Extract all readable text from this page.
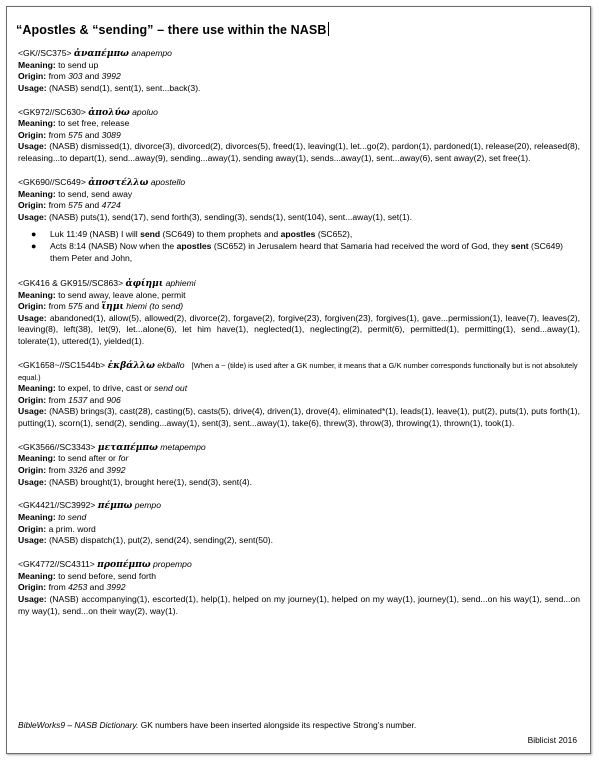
“Apostles & “sending” – there use within the NASB

<GK//SC375> ἀναπέμπω anapempo

Meaning: to send up

Origin: from 303 and 3992

Usage: (NASB) send(1), sent(1), sent...back(3).

<GK972//SC630> ἀπολύω apoluo

Meaning: to set free, release

Origin: from 575 and 3089

Usage: (NASB) dismissed(1), divorce(3), divorced(2), divorces(5), freed(1), leaving(1), let...go(2), pardon(1), pardoned(1), release(20), released(8), releasing...to depart(1), send...away(9), sending...away(1), sending away(1), sends...away(1), sent...away(6), sent away(2), set free(1).

<GK690//SC649> ἀποστέλλω apostello

Meaning: to send, send away

Origin: from 575 and 4724

Usage: (NASB) puts(1), send(17), send forth(3), sending(3), sends(1), sent(104), sent...away(1), set(1).

● Luk 11:49 (NASB) I will send (SC649) to them prophets and apostles (SC652),
● Acts 8:14 (NASB) Now when the apostles (SC652) in Jerusalem heard that Samaria had received the word of God, they sent (SC649) them Peter and John,

<GK416 & GK915//SC863> ἀφίημι aphiemi

Meaning: to send away, leave alone, permit

Origin: from 575 and ἵημι hiemi (to send)

Usage: abandoned(1), allow(5), allowed(2), divorce(2), forgave(2), forgive(23), forgiven(23), forgives(1), gave...permission(1), leave(7), leaves(2), leaving(8), left(38), let(9), let...alone(6), let him have(1), neglected(1), neglecting(2), permit(6), permitted(1), permitting(1), send...away(1), tolerate(1), uttered(1), yielded(1).

<GK1658~//SC1544b> ἐκβάλλω ekballo [When a ~ (tilde) is used after a GK number, it means that a G/K number corresponds functionally but is not absolutely equal.)

Meaning: to expel, to drive, cast or send out

Origin: from 1537 and 906

Usage: (NASB) brings(3), cast(28), casting(5), casts(5), drive(4), driven(1), drove(4), eliminated*(1), leads(1), leave(1), put(2), puts(1), puts forth(1), putting(1), scorn(1), send(2), sending...away(1), sent(3), sent...away(1), take(6), threw(3), throw(3), throwing(1), thrown(1), took(1).

<GK3566//SC3343> μεταπέμπω metapempo

Meaning: to send after or for

Origin: from 3326 and 3992

Usage: (NASB) brought(1), brought here(1), send(3), sent(4).

<GK4421//SC3992> πέμπω pempo

Meaning: to send

Origin: a prim. word

Usage: (NASB) dispatch(1), put(2), send(24), sending(2), sent(50).

<GK4772//SC4311> προπέμπω propempo

Meaning: to send before, send forth

Origin: from 4253 and 3992

Usage: (NASB) accompanying(1), escorted(1), help(1), helped on my journey(1), helped on my way(1), journey(1), send...on his way(1), send...on my way(1), send...on their way(2), way(1).

BibleWorks9 – NASB Dictionary. GK numbers have been inserted alongside its respective Strong’s number.
Biblicist 2016
